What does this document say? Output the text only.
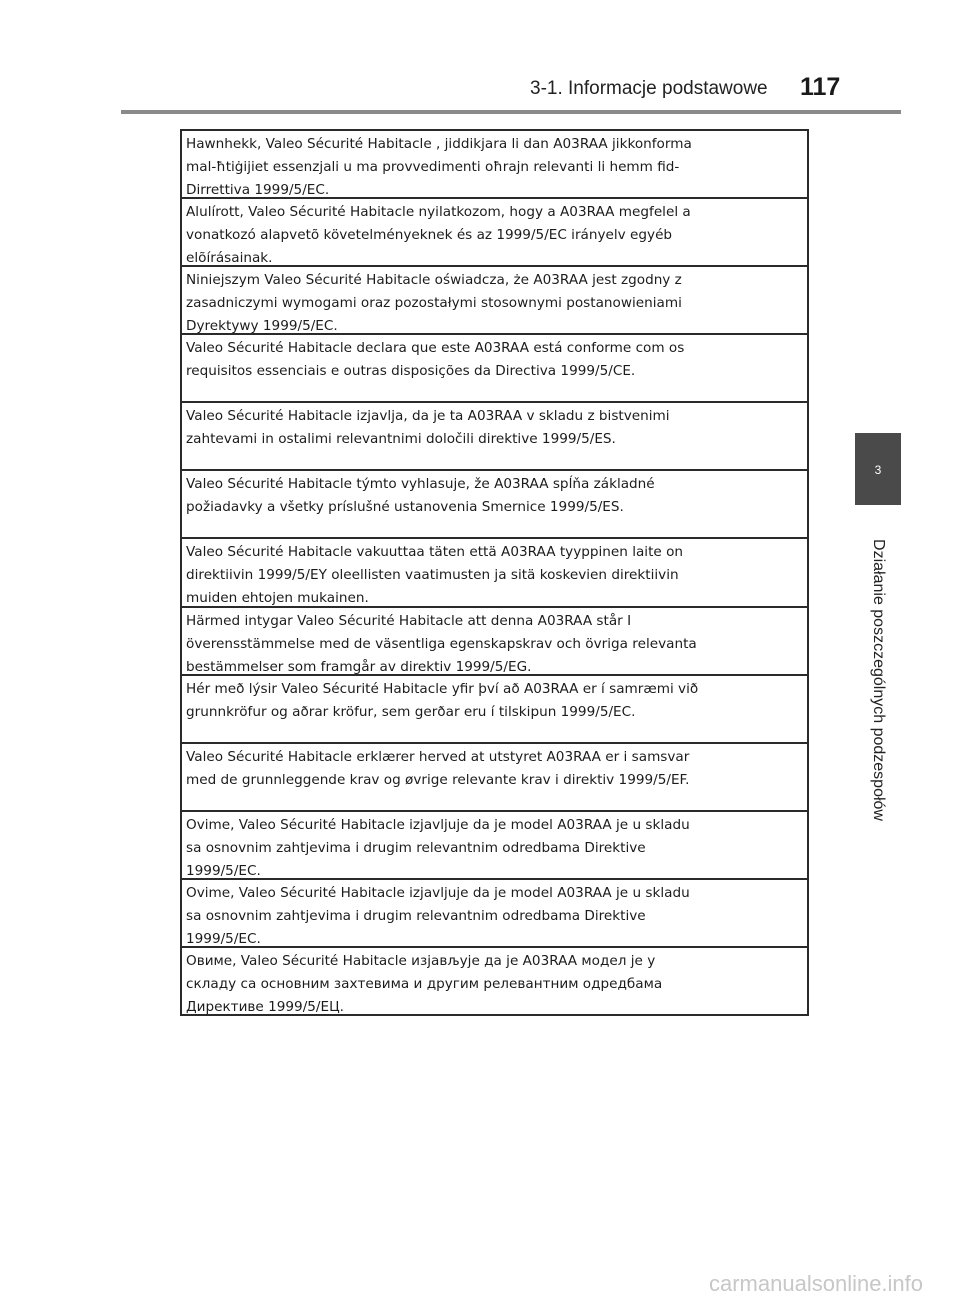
3-1. Informacje podstawowe 117
3
Działanie poszczególnych podzespołów
Hawnhekk, Valeo Sécurité Habitacle , jiddikjara li dan A03RAA jikkonforma
mal-ħtiġijiet essenzjali u ma provvedimenti oħrajn relevanti li hemm fid-
Dirrettiva 1999/5/EC.
Alulírott, Valeo Sécurité Habitacle nyilatkozom, hogy a A03RAA megfelel a
vonatkozó alapvetõ követelményeknek és az 1999/5/EC irányelv egyéb
elõírásainak.
Niniejszym Valeo Sécurité Habitacle oświadcza, że A03RAA jest zgodny z
zasadniczymi wymogami oraz pozostałymi stosownymi postanowieniami
Dyrektywy 1999/5/EC.
Valeo Sécurité Habitacle declara que este A03RAA está conforme com os
requisitos essenciais e outras disposições da Directiva 1999/5/CE.
Valeo Sécurité Habitacle izjavlja, da je ta A03RAA v skladu z bistvenimi
zahtevami in ostalimi relevantnimi določili direktive 1999/5/ES.
Valeo Sécurité Habitacle týmto vyhlasuje, že A03RAA spĺňa základné
požiadavky a všetky príslušné ustanovenia Smernice 1999/5/ES.
Valeo Sécurité Habitacle vakuuttaa täten että A03RAA tyyppinen laite on
direktiivin 1999/5/EY oleellisten vaatimusten ja sitä koskevien direktiivin
muiden ehtojen mukainen.
Härmed intygar Valeo Sécurité Habitacle att denna A03RAA står I
överensstämmelse med de väsentliga egenskapskrav och övriga relevanta
bestämmelser som framgår av direktiv 1999/5/EG.
Hér með lýsir Valeo Sécurité Habitacle yfir því að A03RAA er í samræmi við
grunnkröfur og aðrar kröfur, sem gerðar eru í tilskipun 1999/5/EC.
Valeo Sécurité Habitacle erklærer herved at utstyret A03RAA er i samsvar
med de grunnleggende krav og øvrige relevante krav i direktiv 1999/5/EF.
Ovime, Valeo Sécurité Habitacle izjavljuje da je model A03RAA je u skladu
sa osnovnim zahtjevima i drugim relevantnim odredbama Direktive
1999/5/EC.
Ovime, Valeo Sécurité Habitacle izjavljuje da je model A03RAA je u skladu
sa osnovnim zahtjevima i drugim relevantnim odredbama Direktive
1999/5/EC.
Овиме, Valeo Sécurité Habitacle изјављује да је A03RAA модел је у
складу са основним захтевима и другим релевантним одредбама
Директиве 1999/5/ЕЦ.
carmanualsonline.info
